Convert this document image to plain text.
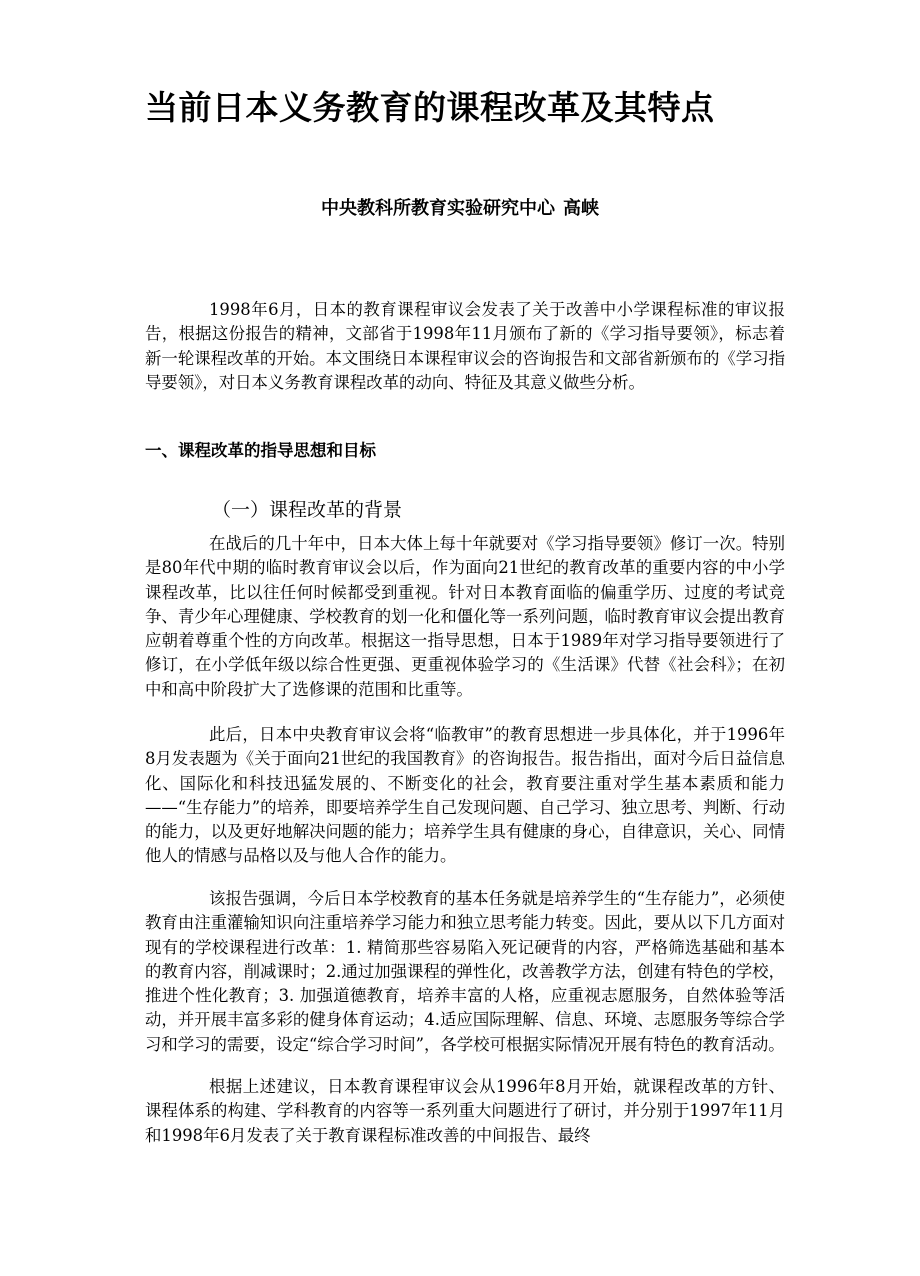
当前日本义务教育的课程改革及其特点
中央教科所教育实验研究中心 高峡

1998年6月，日本的教育课程审议会发表了关于改善中小学课程标准的审议报告，根据这份报告的精神，文部省于1998年11月颁布了新的《学习指导要领》，标志着新一轮课程改革的开始。本文围绕日本课程审议会的咨询报告和文部省新颁布的《学习指导要领》，对日本义务教育课程改革的动向、特征及其意义做些分析。

一、课程改革的指导思想和目标
（一）课程改革的背景

在战后的几十年中，日本大体上每十年就要对《学习指导要领》修订一次。特别是80年代中期的临时教育审议会以后，作为面向21世纪的教育改革的重要内容的中小学课程改革，比以往任何时候都受到重视。针对日本教育面临的偏重学历、过度的考试竞争、青少年心理健康、学校教育的划一化和僵化等一系列问题，临时教育审议会提出教育应朝着尊重个性的方向改革。根据这一指导思想，日本于1989年对学习指导要领进行了修订，在小学低年级以综合性更强、更重视体验学习的《生活课》代替《社会科》；在初中和高中阶段扩大了选修课的范围和比重等。

此后，日本中央教育审议会将“临教审”的教育思想进一步具体化，并于1996年8月发表题为《关于面向21世纪的我国教育》的咨询报告。报告指出，面对今后日益信息化、国际化和科技迅猛发展的、不断变化的社会，教育要注重对学生基本素质和能力——“生存能力”的培养，即要培养学生自己发现问题、自己学习、独立思考、判断、行动的能力，以及更好地解决问题的能力；培养学生具有健康的身心，自律意识，关心、同情他人的情感与品格以及与他人合作的能力。

该报告强调，今后日本学校教育的基本任务就是培养学生的“生存能力”，必须使教育由注重灌输知识向注重培养学习能力和独立思考能力转变。因此，要从以下几方面对现有的学校课程进行改革：1. 精简那些容易陷入死记硬背的内容，严格筛选基础和基本的教育内容，削减课时；2.通过加强课程的弹性化，改善教学方法，创建有特色的学校，推进个性化教育；3. 加强道德教育，培养丰富的人格，应重视志愿服务，自然体验等活动，并开展丰富多彩的健身体育运动；4.适应国际理解、信息、环境、志愿服务等综合学习和学习的需要，设定“综合学习时间”，各学校可根据实际情况开展有特色的教育活动。

根据上述建议，日本教育课程审议会从1996年8月开始，就课程改革的方针、课程体系的构建、学科教育的内容等一系列重大问题进行了研讨，并分别于1997年11月和1998年6月发表了关于教育课程标准改善的中间报告、最终
